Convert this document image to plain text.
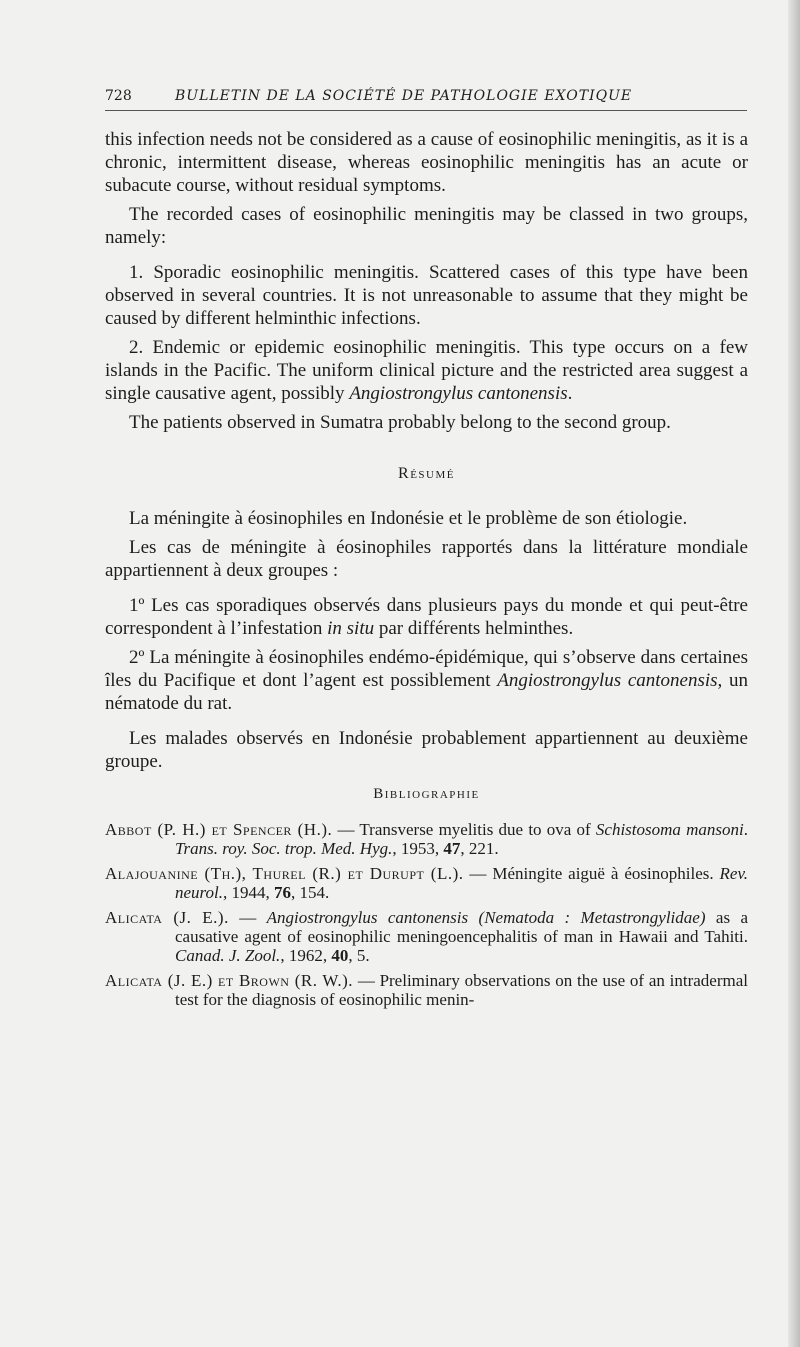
728	BULLETIN DE LA SOCIÉTÉ DE PATHOLOGIE EXOTIQUE

this infection needs not be considered as a cause of eosinophilic meningitis, as it is a chronic, intermittent disease, whereas eosinophilic meningitis has an acute or subacute course, without residual symptoms.

The recorded cases of eosinophilic meningitis may be classed in two groups, namely:

1. Sporadic eosinophilic meningitis. Scattered cases of this type have been observed in several countries. It is not unreasonable to assume that they might be caused by different helminthic infections.

2. Endemic or epidemic eosinophilic meningitis. This type occurs on a few islands in the Pacific. The uniform clinical picture and the restricted area suggest a single causative agent, possibly Angiostrongylus cantonensis.

The patients observed in Sumatra probably belong to the second group.

Résumé

La méningite à éosinophiles en Indonésie et le problème de son étiologie.

Les cas de méningite à éosinophiles rapportés dans la littérature mondiale appartiennent à deux groupes :

1º Les cas sporadiques observés dans plusieurs pays du monde et qui peut-être correspondent à l’infestation in situ par différents helminthes.

2º La méningite à éosinophiles endémo-épidémique, qui s’observe dans certaines îles du Pacifique et dont l’agent est possiblement Angiostrongylus cantonensis, un nématode du rat.

Les malades observés en Indonésie probablement appartiennent au deuxième groupe.

Bibliographie

Abbot (P. H.) et Spencer (H.). — Transverse myelitis due to ova of Schistosoma mansoni. Trans. roy. Soc. trop. Med. Hyg., 1953, 47, 221.

Alajouanine (Th.), Thurel (R.) et Durupt (L.). — Méningite aiguë à éosinophiles. Rev. neurol., 1944, 76, 154.

Alicata (J. E.). — Angiostrongylus cantonensis (Nematoda : Metastrongylidae) as a causative agent of eosinophilic meningoencephalitis of man in Hawaii and Tahiti. Canad. J. Zool., 1962, 40, 5.

Alicata (J. E.) et Brown (R. W.). — Preliminary observations on the use of an intradermal test for the diagnosis of eosinophilic menin-
